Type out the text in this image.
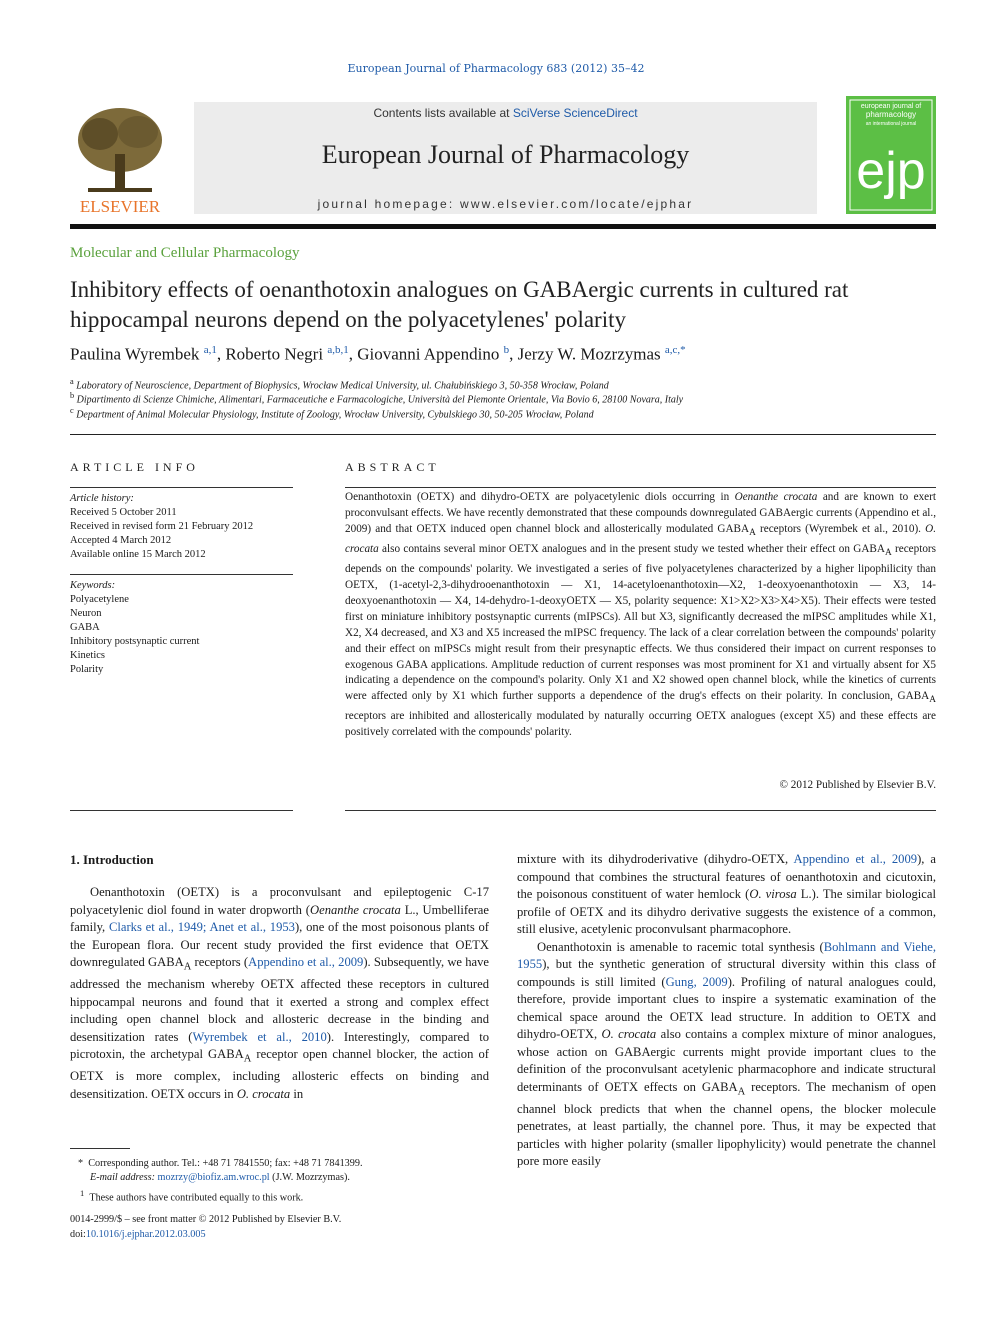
European Journal of Pharmacology 683 (2012) 35–42
ELSEVIER
Contents lists available at SciVerse ScienceDirect
European Journal of Pharmacology
journal homepage: www.elsevier.com/locate/ejphar
european journal of
pharmacology
an international journal
ejp
Molecular and Cellular Pharmacology
Inhibitory effects of oenanthotoxin analogues on GABAergic currents in cultured rat
hippocampal neurons depend on the polyacetylenes' polarity
Paulina Wyrembek $^{a,1}$, Roberto Negri $^{a,b,1}$, Giovanni Appendino $^b$, Jerzy W. Mozrzymas $^{a,c,*}$
$^a$ Laboratory of Neuroscience, Department of Biophysics, Wrocław Medical University, ul. Chałubińskiego 3, 50-358 Wrocław, Poland
$^b$ Dipartimento di Scienze Chimiche, Alimentari, Farmaceutiche e Farmacologiche, Università del Piemonte Orientale, Via Bovio 6, 28100 Novara, Italy
$^c$ Department of Animal Molecular Physiology, Institute of Zoology, Wrocław University, Cybulskiego 30, 50-205 Wrocław, Poland
ARTICLE INFO
Article history:
Received 5 October 2011
Received in revised form 21 February 2012
Accepted 4 March 2012
Available online 15 March 2012
Keywords:
Polyacetylene
Neuron
GABA
Inhibitory postsynaptic current
Kinetics
Polarity
ABSTRACT
Oenanthotoxin (OETX) and dihydro-OETX are polyacetylenic diols occurring in Oenanthe crocata and are known to exert proconvulsant effects. We have recently demonstrated that these compounds downregulated GABAergic currents (Appendino et al., 2009) and that OETX induced open channel block and allosterically modulated $GABA_A$ receptors (Wyrembek et al., 2010). O. crocata also contains several minor OETX analogues and in the present study we tested whether their effect on $GABA_A$ receptors depends on the compounds' polarity. We investigated a series of five polyacetylenes characterized by a higher lipophilicity than OETX, (1-acetyl-2,3-dihydrooenanthotoxin — X1, 14-acetyloenanthotoxin—X2, 1-deoxyoenanthotoxin — X3, 14-deoxyoenanthotoxin — X4, 14-dehydro-1-deoxyOETX — X5, polarity sequence: X1>X2>X3>X4>X5). Their effects were tested first on miniature inhibitory postsynaptic currents (mIPSCs). All but X3, significantly decreased the mIPSC amplitudes while X1, X2, X4 decreased, and X3 and X5 increased the mIPSC frequency. The lack of a clear correlation between the compounds' polarity and their effect on mIPSCs might result from their presynaptic effects. We thus considered their impact on current responses to exogenous GABA applications. Amplitude reduction of current responses was most prominent for X1 and virtually absent for X5 indicating a dependence on the compound's polarity. Only X1 and X2 showed open channel block, while the kinetics of currents were affected only by X1 which further supports a dependence of the drug's effects on their polarity. In conclusion, $GABA_A$ receptors are inhibited and allosterically modulated by naturally occurring OETX analogues (except X5) and these effects are positively correlated with the compounds' polarity.
© 2012 Published by Elsevier B.V.
1. Introduction

Oenanthotoxin (OETX) is a proconvulsant and epileptogenic C-17 polyacetylenic diol found in water dropworth (Oenanthe crocata L., Umbelliferae family, Clarks et al., 1949; Anet et al., 1953), one of the most poisonous plants of the European flora. Our recent study provided the first evidence that OETX downregulated $GABA_A$ receptors (Appendino et al., 2009). Subsequently, we have addressed the mechanism whereby OETX affected these receptors in cultured hippocampal neurons and found that it exerted a strong and complex effect including open channel block and allosteric decrease in the binding and desensitization rates (Wyrembek et al., 2010). Interestingly, compared to picrotoxin, the archetypal $GABA_A$ receptor open channel blocker, the action of OETX is more complex, including allosteric effects on binding and desensitization. OETX occurs in O. crocata in

mixture with its dihydroderivative (dihydro-OETX, Appendino et al., 2009), a compound that combines the structural features of oenanthotoxin and cicutoxin, the poisonous constituent of water hemlock (O. virosa L.). The similar biological profile of OETX and its dihydro derivative suggests the existence of a common, still elusive, acetylenic proconvulsant pharmacophore.

Oenanthotoxin is amenable to racemic total synthesis (Bohlmann and Viehe, 1955), but the synthetic generation of structural diversity within this class of compounds is still limited (Gung, 2009). Profiling of natural analogues could, therefore, provide important clues to inspire a systematic examination of the chemical space around the OETX lead structure. In addition to OETX and dihydro-OETX, O. crocata also contains a complex mixture of minor analogues, whose action on GABAergic currents might provide important clues to the definition of the proconvulsant acetylenic pharmacophore and indicate structural determinants of OETX effects on $GABA_A$ receptors. The mechanism of open channel block predicts that when the channel opens, the blocker molecule penetrates, at least partially, the channel pore. Thus, it may be expected that particles with higher polarity (smaller lipophylicity) would penetrate the channel pore more easily

* Corresponding author. Tel.: +48 71 7841550; fax: +48 71 7841399.
E-mail address: mozrzy@biofiz.am.wroc.pl (J.W. Mozrzymas).
$^1$ These authors have contributed equally to this work.
0014-2999/$ – see front matter © 2012 Published by Elsevier B.V.
doi:10.1016/j.ejphar.2012.03.005
